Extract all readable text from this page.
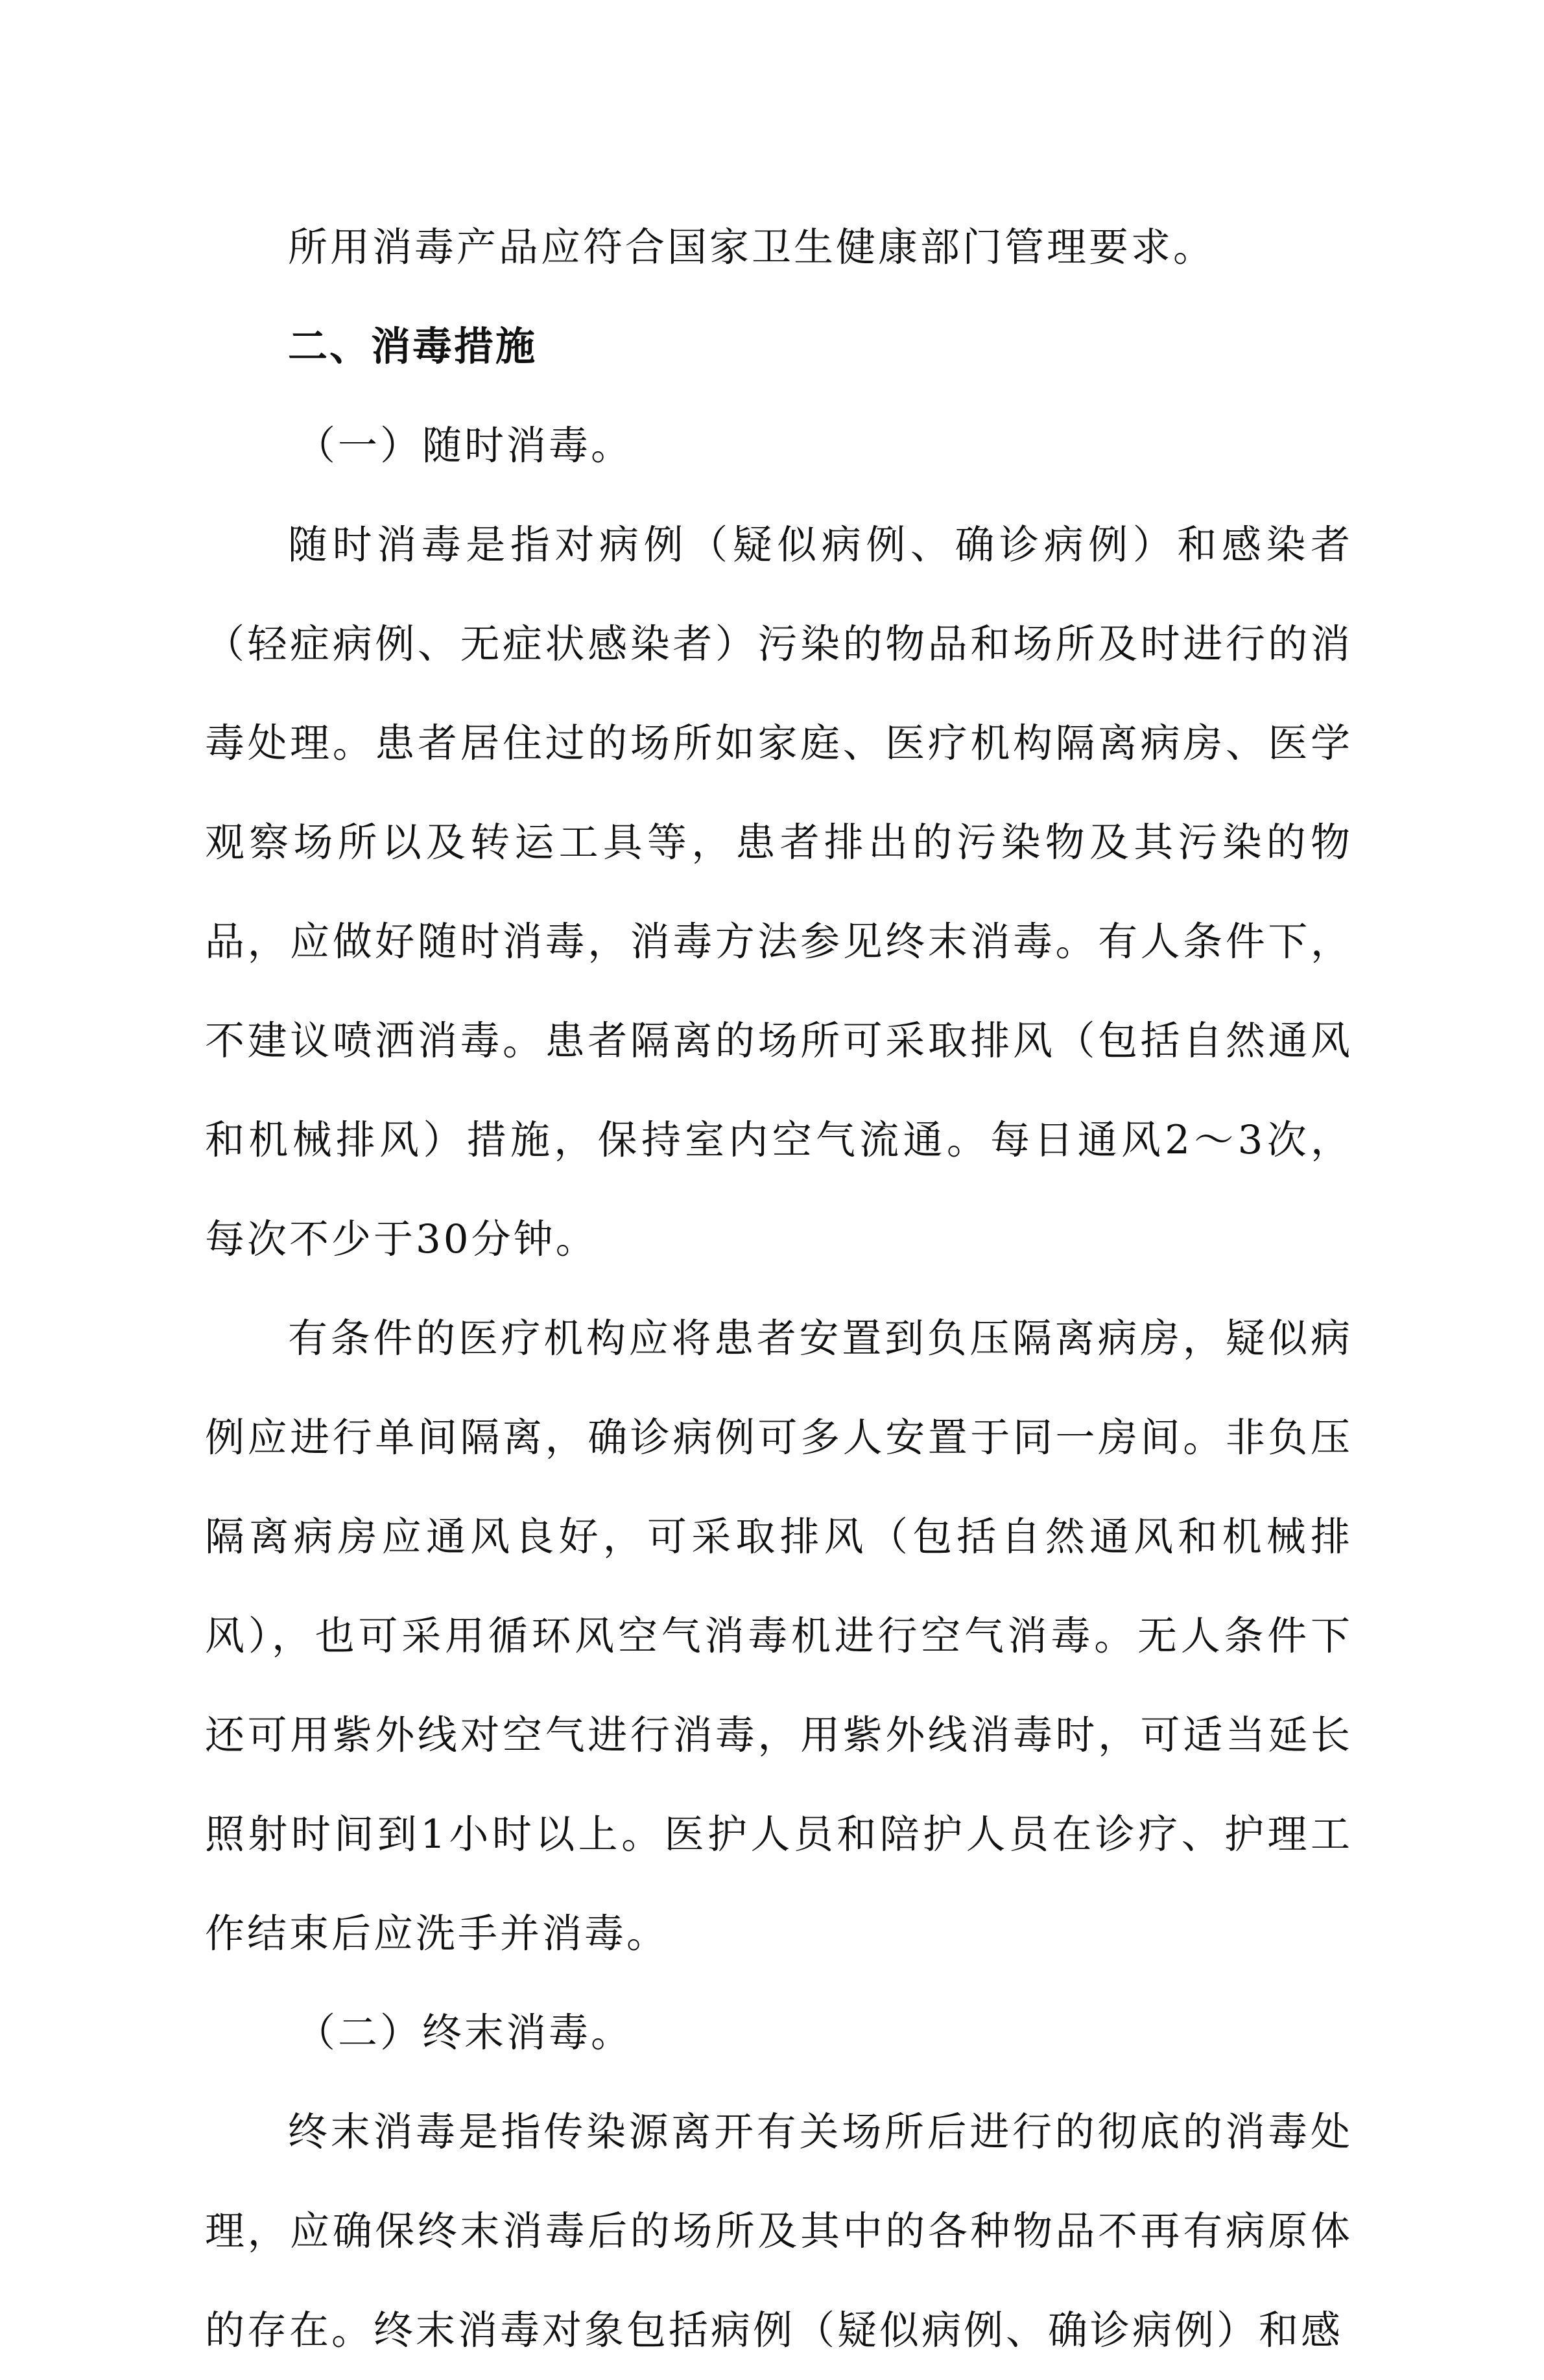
所用消毒产品应符合国家卫生健康部门管理要求。

二、消毒措施

（一）随时消毒。

随时消毒是指对病例（疑似病例、确诊病例）和感染者（轻症病例、无症状感染者）污染的物品和场所及时进行的消毒处理。患者居住过的场所如家庭、医疗机构隔离病房、医学观察场所以及转运工具等，患者排出的污染物及其污染的物品，应做好随时消毒，消毒方法参见终末消毒。有人条件下，不建议喷洒消毒。患者隔离的场所可采取排风（包括自然通风和机械排风）措施，保持室内空气流通。每日通风2～3次，每次不少于30分钟。

有条件的医疗机构应将患者安置到负压隔离病房，疑似病例应进行单间隔离，确诊病例可多人安置于同一房间。非负压隔离病房应通风良好，可采取排风（包括自然通风和机械排风），也可采用循环风空气消毒机进行空气消毒。无人条件下还可用紫外线对空气进行消毒，用紫外线消毒时，可适当延长照射时间到1小时以上。医护人员和陪护人员在诊疗、护理工作结束后应洗手并消毒。

（二）终末消毒。

终末消毒是指传染源离开有关场所后进行的彻底的消毒处理，应确保终末消毒后的场所及其中的各种物品不再有病原体的存在。终末消毒对象包括病例（疑似病例、确诊病例）和感
